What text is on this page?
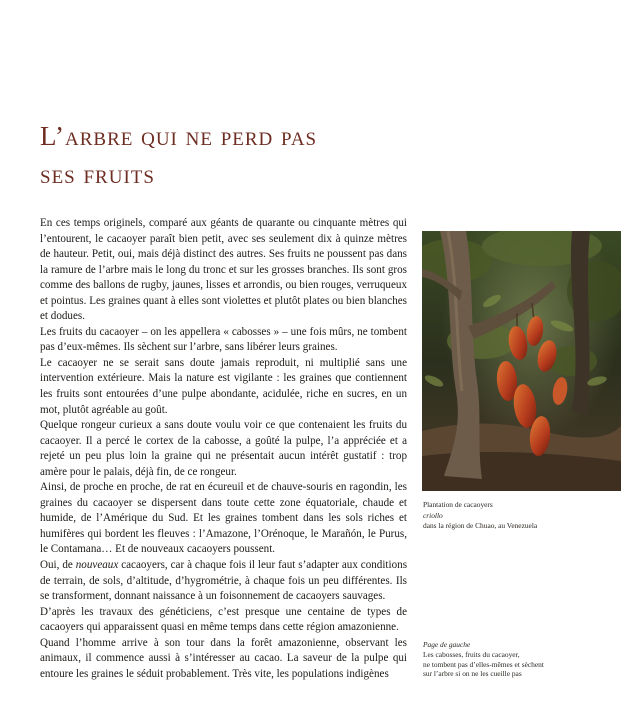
L’arbre qui ne perd pas
ses fruits

En ces temps originels, comparé aux géants de quarante ou cinquante mètres qui l’entourent, le cacaoyer paraît bien petit, avec ses seulement dix à quinze mètres de hauteur. Petit, oui, mais déjà distinct des autres. Ses fruits ne poussent pas dans la ramure de l’arbre mais le long du tronc et sur les grosses branches. Ils sont gros comme des ballons de rugby, jaunes, lisses et arrondis, ou bien rouges, verruqueux et pointus. Les graines quant à elles sont violettes et plutôt plates ou bien blanches et dodues.

Les fruits du cacaoyer – on les appellera « cabosses » – une fois mûrs, ne tombent pas d’eux-mêmes. Ils sèchent sur l’arbre, sans libérer leurs graines.

Le cacaoyer ne se serait sans doute jamais reproduit, ni multiplié sans une intervention extérieure. Mais la nature est vigilante : les graines que contiennent les fruits sont entourées d’une pulpe abondante, acidulée, riche en sucres, en un mot, plutôt agréable au goût.

Quelque rongeur curieux a sans doute voulu voir ce que contenaient les fruits du cacaoyer. Il a percé le cortex de la cabosse, a goûté la pulpe, l’a appréciée et a rejeté un peu plus loin la graine qui ne présentait aucun intérêt gustatif : trop amère pour le palais, déjà fin, de ce rongeur.

Ainsi, de proche en proche, de rat en écureuil et de chauve-souris en ragondin, les graines du cacaoyer se dispersent dans toute cette zone équatoriale, chaude et humide, de l’Amérique du Sud. Et les graines tombent dans les sols riches et humifères qui bordent les fleuves : l’Amazone, l’Orénoque, le Marañón, le Purus, le Contamana… Et de nouveaux cacaoyers poussent.

Oui, de nouveaux cacaoyers, car à chaque fois il leur faut s’adapter aux conditions de terrain, de sols, d’altitude, d’hygrométrie, à chaque fois un peu différentes. Ils se transforment, donnant naissance à un foisonnement de cacaoyers sauvages.

D’après les travaux des généticiens, c’est presque une centaine de types de cacaoyers qui apparaissent quasi en même temps dans cette région amazonienne.

Quand l’homme arrive à son tour dans la forêt amazonienne, observant les animaux, il commence aussi à s’intéresser au cacao. La saveur de la pulpe qui entoure les graines le séduit probablement. Très vite, les populations indigènes

Plantation de cacaoyers
criollo
dans la région de Chuao, au Venezuela
Page de gauche
Les cabosses, fruits du cacaoyer,
ne tombent pas d’elles-mêmes et sèchent
sur l’arbre si on ne les cueille pas
